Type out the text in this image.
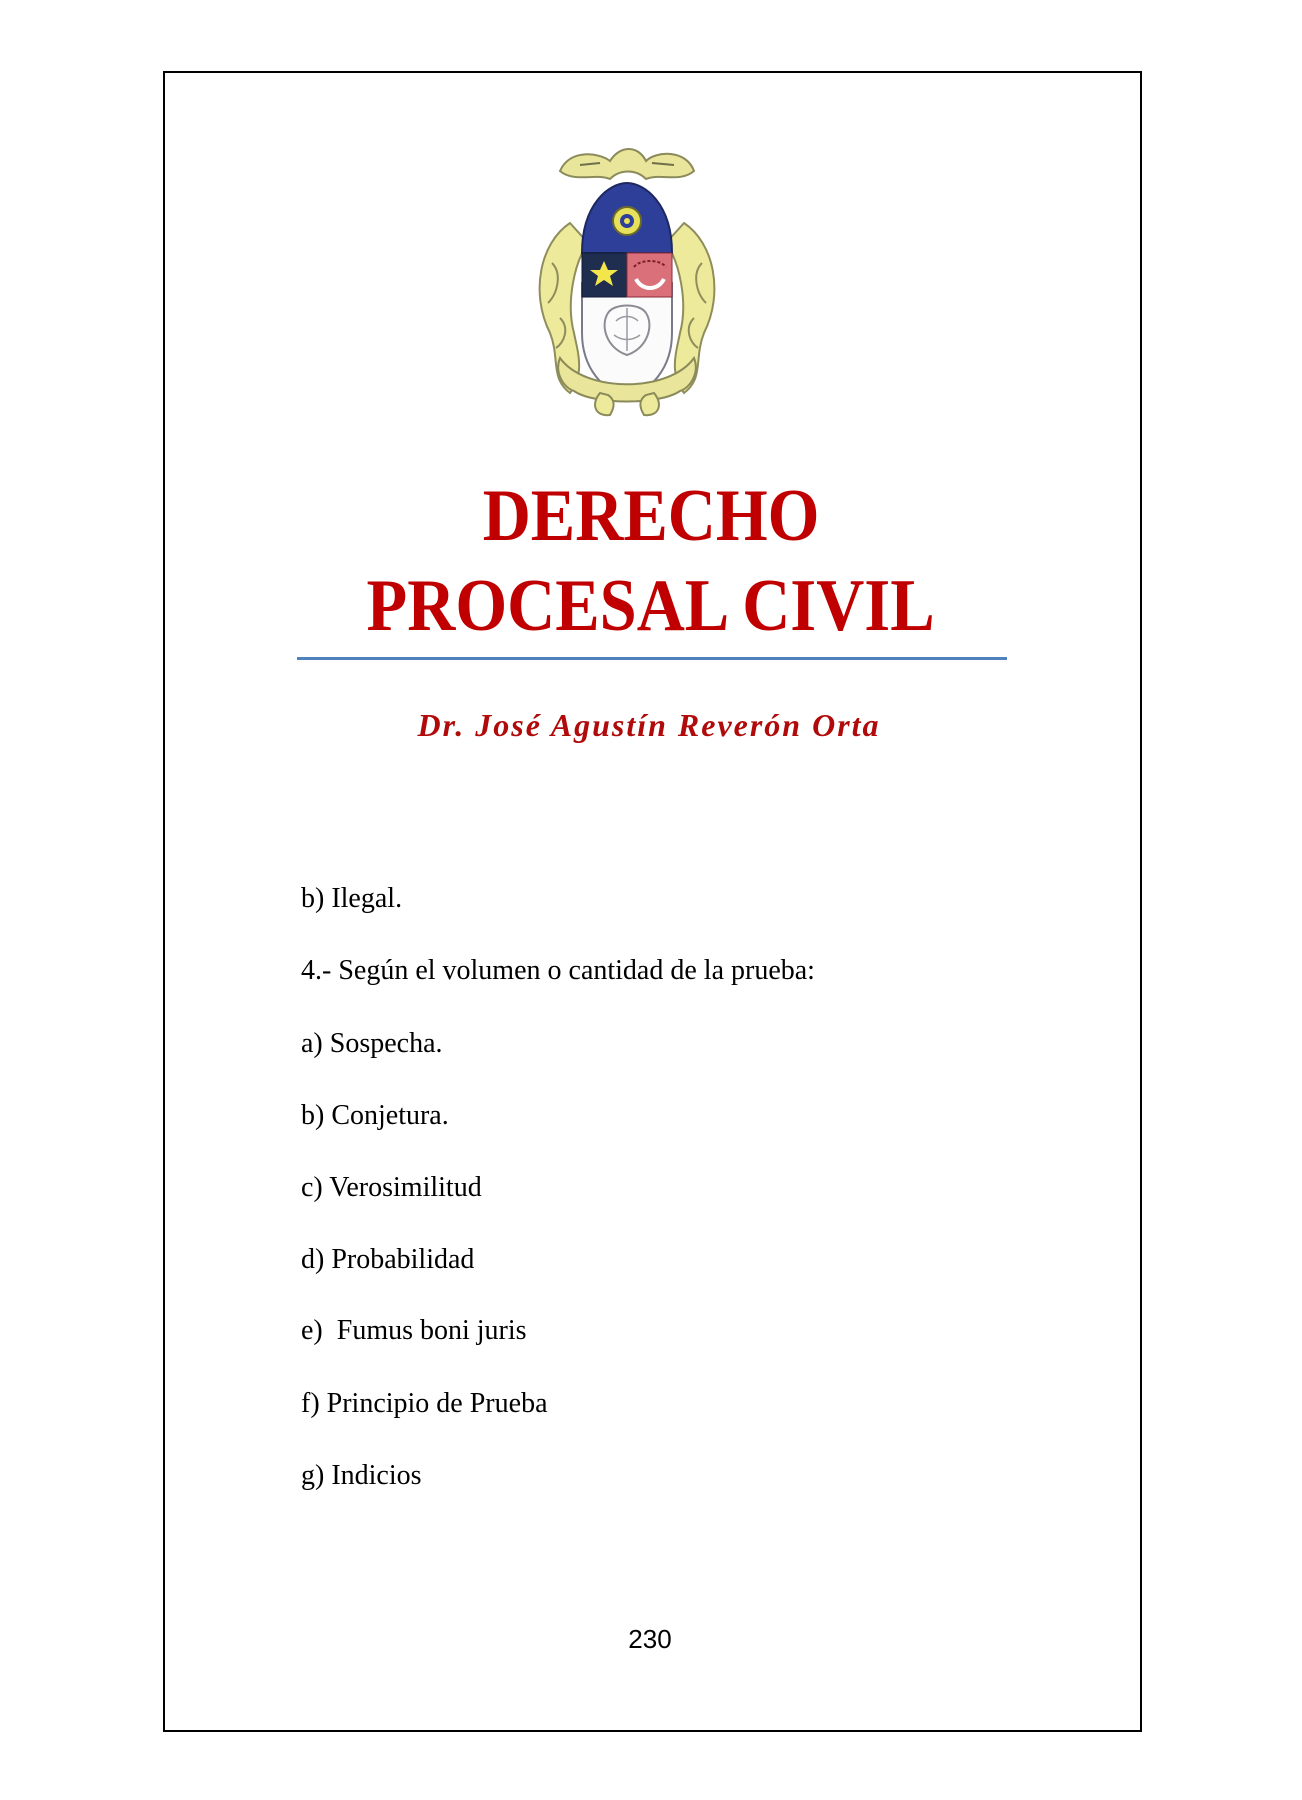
DERECHO
PROCESAL CIVIL
Dr. José Agustín Reverón Orta
b) Ilegal.
4.- Según el volumen o cantidad de la prueba:
a) Sospecha.
b) Conjetura.
c) Verosimilitud
d) Probabilidad
e)  Fumus boni juris
f) Principio de Prueba
g) Indicios
230
